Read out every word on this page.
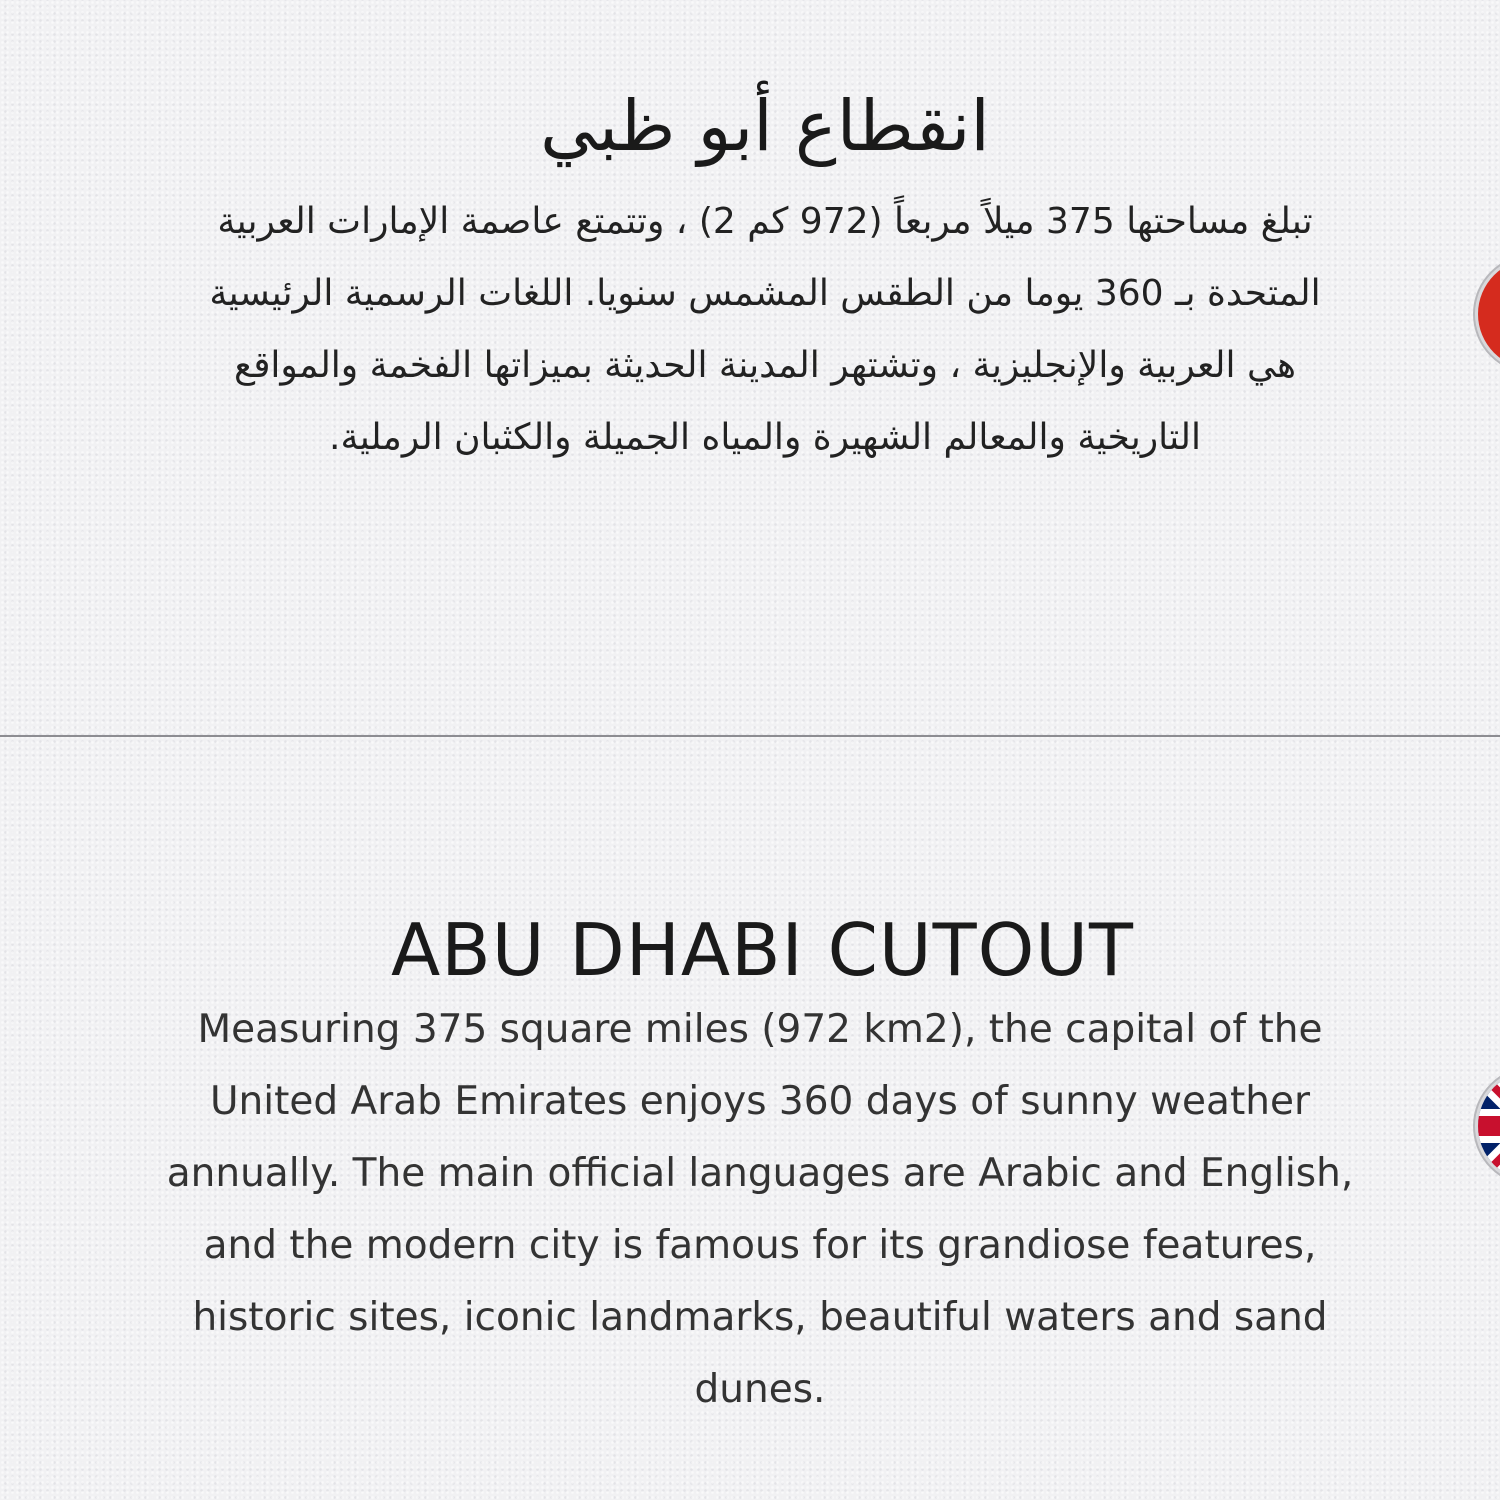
انقطاع أبو ظبي

تبلغ مساحتها 375 ميلاً مربعاً (972 كم 2) ، وتتمتع عاصمة الإمارات العربية المتحدة بـ 360 يوما من الطقس المشمس سنويا. اللغات الرسمية الرئيسية هي العربية والإنجليزية ، وتشتهر المدينة الحديثة بميزاتها الفخمة والمواقع التاريخية والمعالم الشهيرة والمياه الجميلة والكثبان الرملية.

ABU DHABI CUTOUT

Measuring 375 square miles (972 km2), the capital of the United Arab Emirates enjoys 360 days of sunny weather annually. The main official languages are Arabic and English, and the modern city is famous for its grandiose features, historic sites, iconic landmarks, beautiful waters and sand dunes.
